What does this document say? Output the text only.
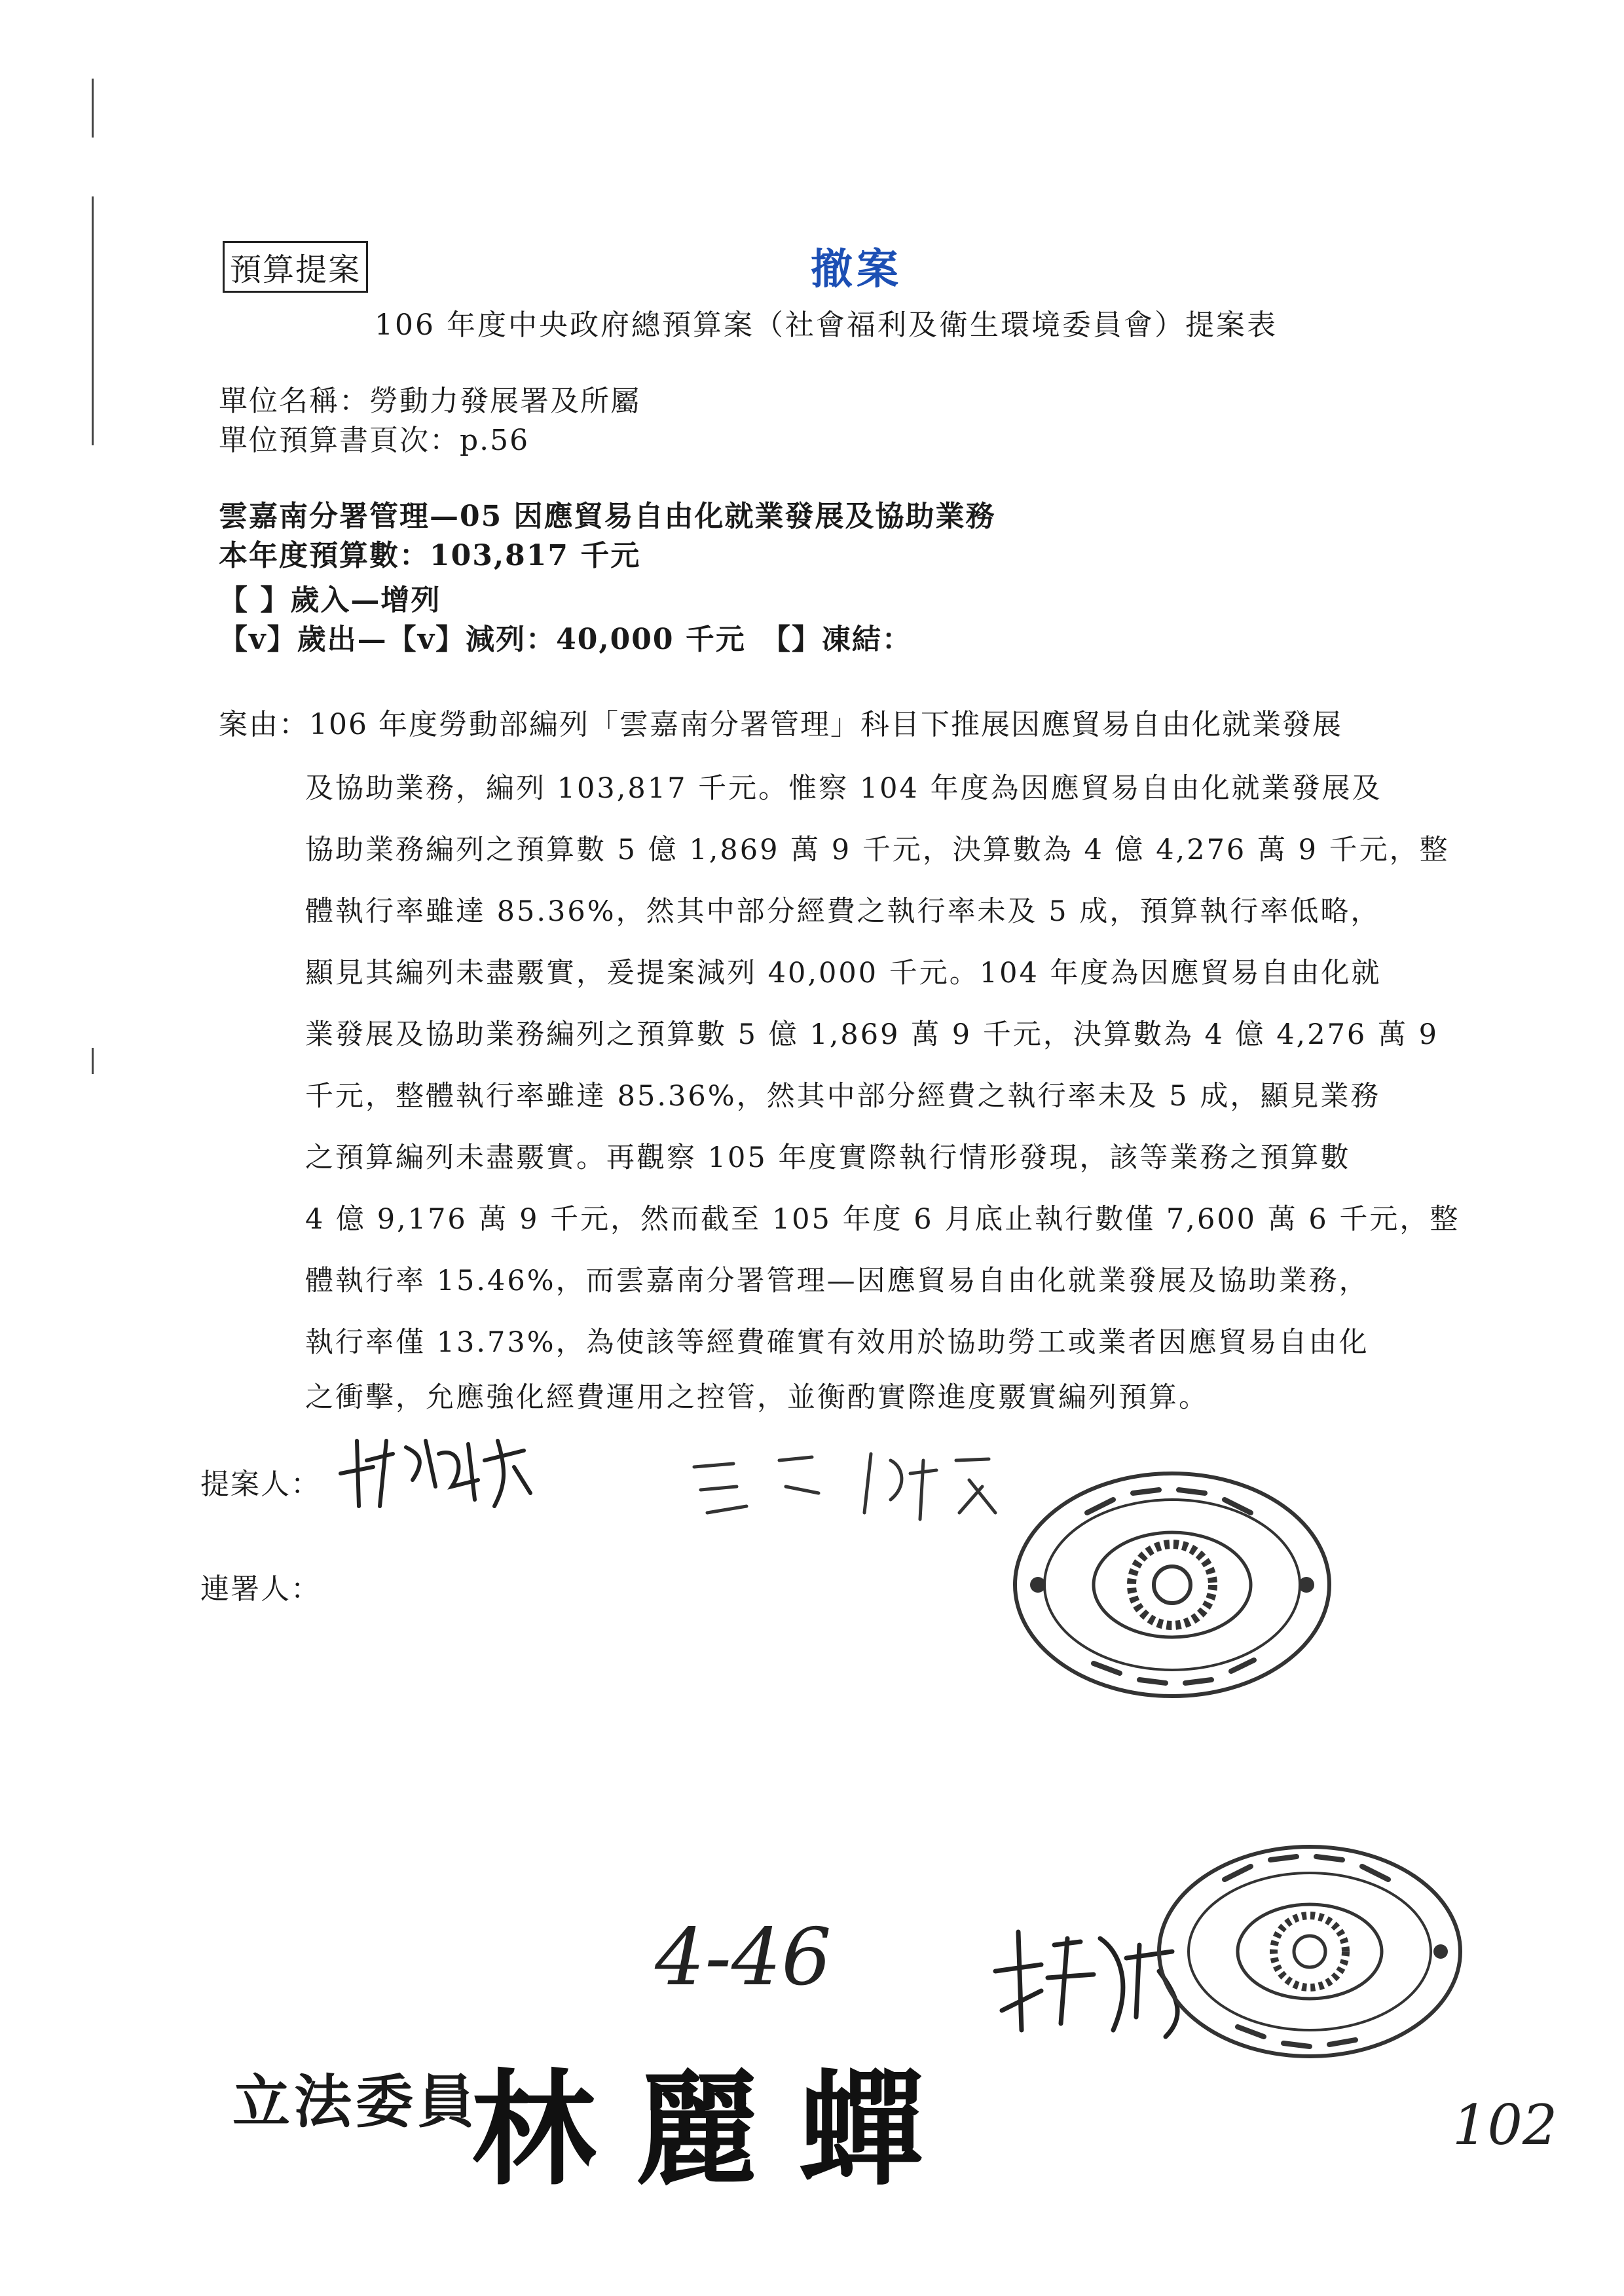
預算提案	撤案
106 年度中央政府總預算案（社會福利及衛生環境委員會）提案表
單位名稱：勞動力發展署及所屬
單位預算書頁次：p.56
雲嘉南分署管理—05 因應貿易自由化就業發展及協助業務
本年度預算數：103,817 千元
【 】歲入—增列
【v】歲出—【v】減列：40,000 千元　【】凍結：
案由：106 年度勞動部編列「雲嘉南分署管理」科目下推展因應貿易自由化就業發展
及協助業務，編列 103,817 千元。惟察 104 年度為因應貿易自由化就業發展及
協助業務編列之預算數 5 億 1,869 萬 9 千元，決算數為 4 億 4,276 萬 9 千元，整
體執行率雖達 85.36%，然其中部分經費之執行率未及 5 成，預算執行率低略，
顯見其編列未盡覈實，爰提案減列 40,000 千元。104 年度為因應貿易自由化就
業發展及協助業務編列之預算數 5 億 1,869 萬 9 千元，決算數為 4 億 4,276 萬 9
千元，整體執行率雖達 85.36%，然其中部分經費之執行率未及 5 成，顯見業務
之預算編列未盡覈實。再觀察 105 年度實際執行情形發現，該等業務之預算數
4 億 9,176 萬 9 千元，然而截至 105 年度 6 月底止執行數僅 7,600 萬 6 千元，整
體執行率 15.46%，而雲嘉南分署管理—因應貿易自由化就業發展及協助業務，
執行率僅 13.73%，為使該等經費確實有效用於協助勞工或業者因應貿易自由化
之衝擊，允應強化經費運用之控管，並衡酌實際進度覈實編列預算。
提案人：
連署人：
4-46
立法委員
林麗蟬	102
